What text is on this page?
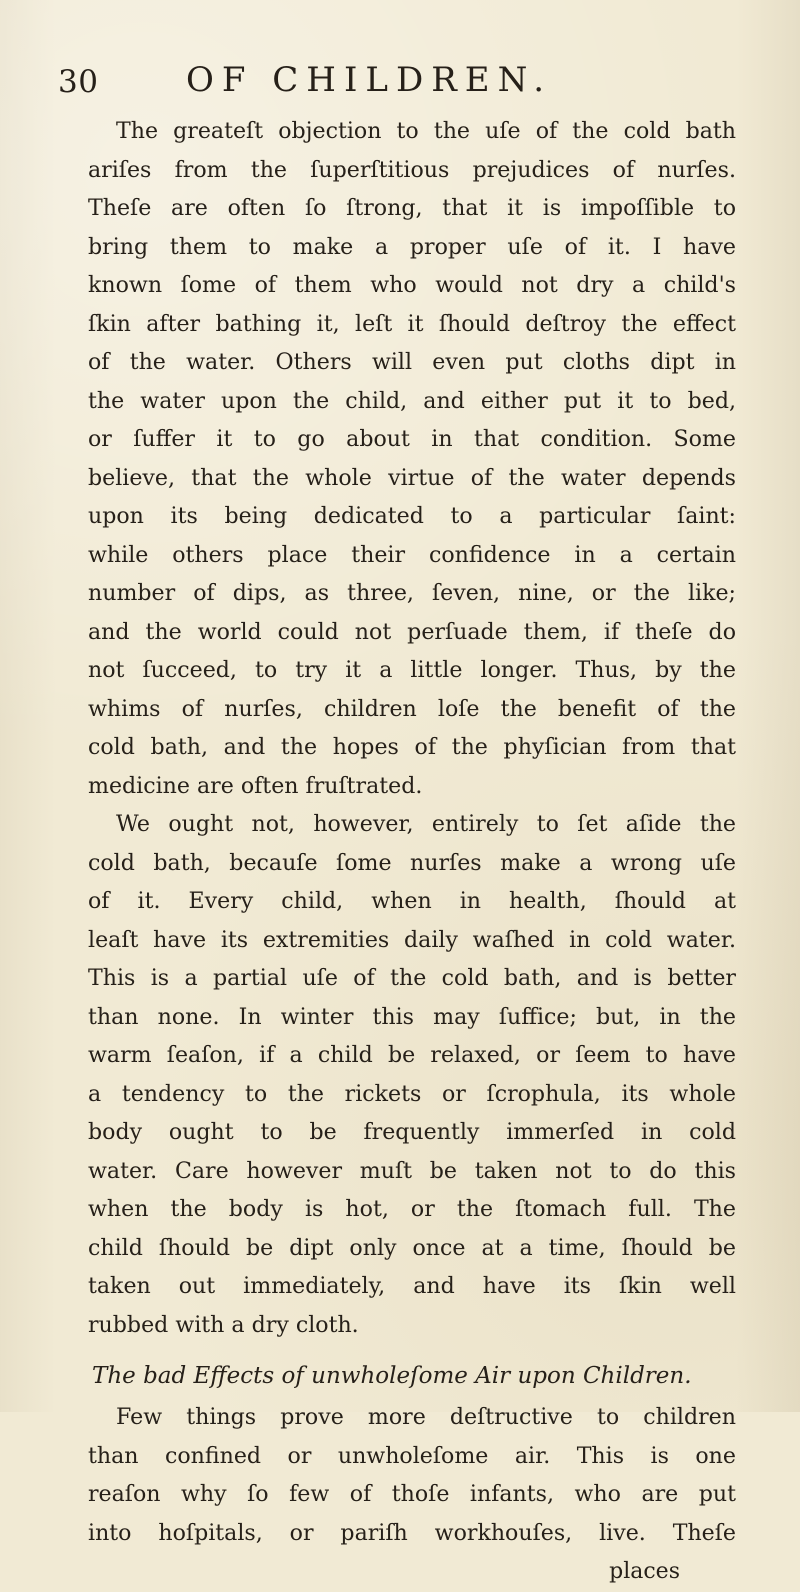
30	OF CHILDREN.
The greateſt objection to the uſe of the cold bath
ariſes from the ſuperſtitious prejudices of nurſes.
Theſe are often ſo ſtrong, that it is impoſſible to
bring them to make a proper uſe of it. I have
known ſome of them who would not dry a child's
ſkin after bathing it, leſt it ſhould deſtroy the effect
of the water. Others will even put cloths dipt in
the water upon the child, and either put it to bed,
or ſuffer it to go about in that condition. Some
believe, that the whole virtue of the water depends
upon its being dedicated to a particular ſaint:
while others place their confidence in a certain
number of dips, as three, ſeven, nine, or the like;
and the world could not perſuade them, if theſe do
not ſucceed, to try it a little longer. Thus, by the
whims of nurſes, children loſe the benefit of the
cold bath, and the hopes of the phyſician from that
medicine are often fruſtrated.
We ought not, however, entirely to ſet aſide the
cold bath, becauſe ſome nurſes make a wrong uſe
of it. Every child, when in health, ſhould at
leaſt have its extremities daily waſhed in cold water.
This is a partial uſe of the cold bath, and is better
than none. In winter this may ſuffice; but, in the
warm ſeaſon, if a child be relaxed, or ſeem to have
a tendency to the rickets or ſcrophula, its whole
body ought to be frequently immerſed in cold
water. Care however muſt be taken not to do this
when the body is hot, or the ſtomach full. The
child ſhould be dipt only once at a time, ſhould be
taken out immediately, and have its ſkin well
rubbed with a dry cloth.
The bad Effects of unwholeſome Air upon Children.
Few things prove more deſtructive to children
than confined or unwholeſome air. This is one
reaſon why ſo few of thoſe infants, who are put
into hoſpitals, or pariſh workhouſes, live. Theſe
places
